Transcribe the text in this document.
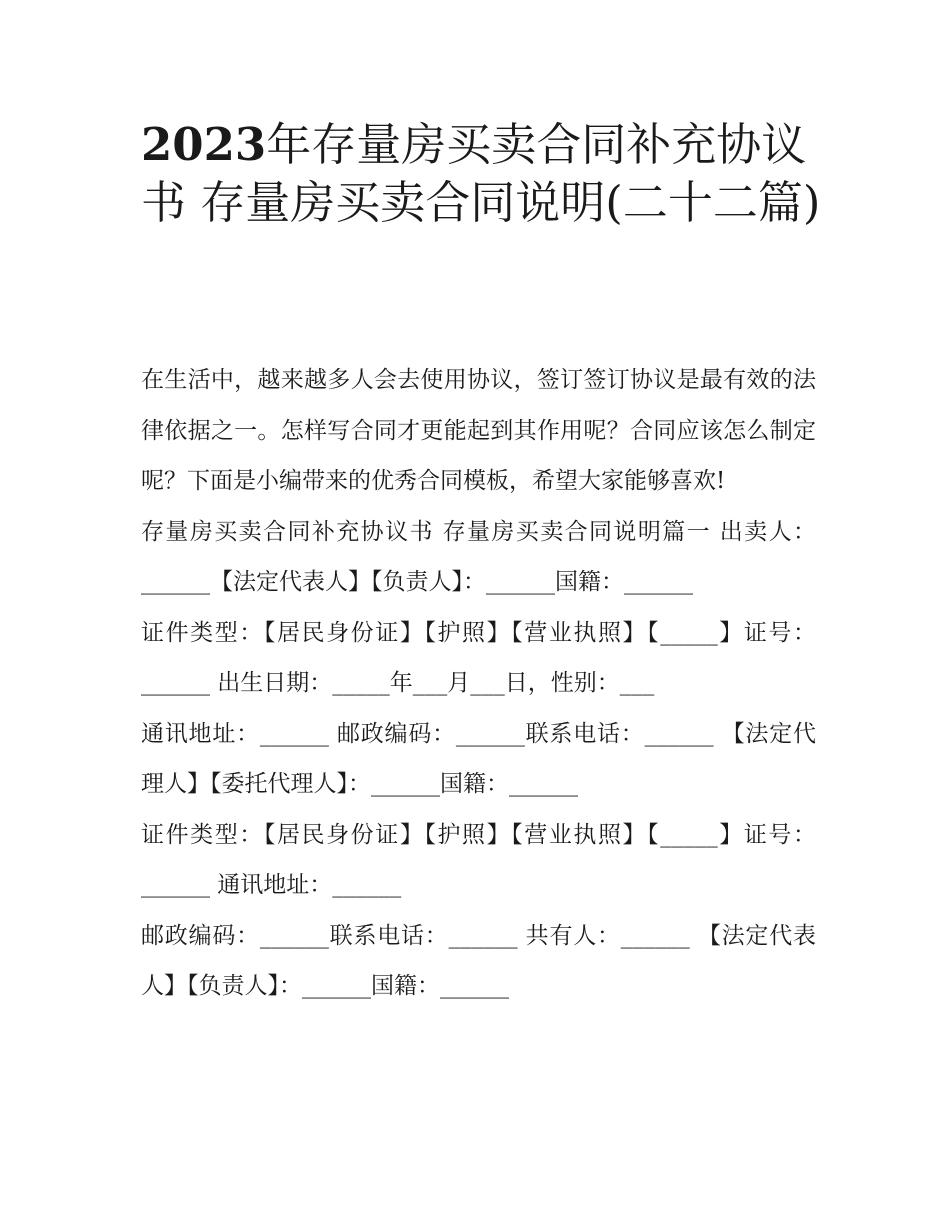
2023年存量房买卖合同补充协议书 存量房买卖合同说明(二十二篇)

在生活中，越来越多人会去使用协议，签订签订协议是最有效的法律依据之一。怎样写合同才更能起到其作用呢？合同应该怎么制定呢？下面是小编带来的优秀合同模板，希望大家能够喜欢!

存量房买卖合同补充协议书 存量房买卖合同说明篇一 出卖人：______【法定代表人】【负责人】：______国籍：______

证件类型：【居民身份证】【护照】【营业执照】【_____】证号：______ 出生日期：_____年___月___日，性别：___

通讯地址：______ 邮政编码：______联系电话：______ 【法定代理人】【委托代理人】：______国籍：______

证件类型：【居民身份证】【护照】【营业执照】【_____】证号：______ 通讯地址：______

邮政编码：______联系电话：______ 共有人：______ 【法定代表人】【负责人】：______国籍：______
